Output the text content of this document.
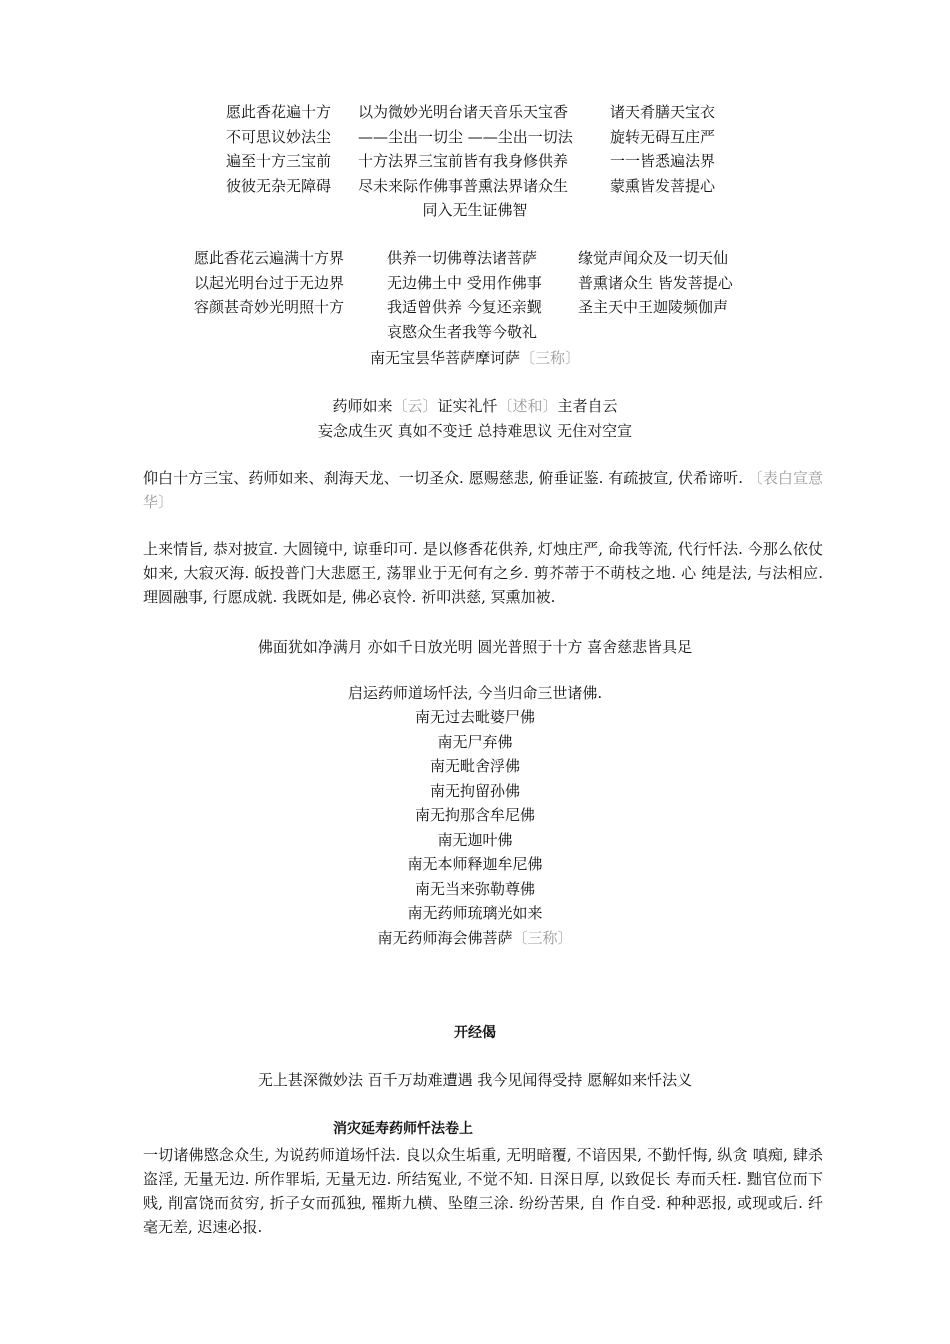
愿此香花遍十方
不可思议妙法尘
遍至十方三宝前
彼彼无杂无障碍
以为微妙光明台诸天音乐天宝香
——尘出一切尘 ——尘出一切法
十方法界三宝前皆有我身修供养
尽未来际作佛事普熏法界诸众生
诸天肴膳天宝衣
旋转无碍互庄严
一一皆悉遍法界
蒙熏皆发菩提心
同入无生证佛智
愿此香花云遍满十方界
以起光明台过于无边界
容颜甚奇妙光明照十方
供养一切佛尊法诸菩萨
无边佛土中 受用作佛事
我适曾供养 今复还亲觐
哀愍众生者我等今敬礼
缘觉声闻众及一切天仙
普熏诸众生 皆发菩提心
圣主天中王迦陵频伽声
南无宝昙华菩萨摩诃萨〔三称〕
药师如来〔云〕证实礼忏〔述和〕主者自云
妄念成生灭 真如不变迁 总持难思议 无住对空宣
仰白十方三宝、药师如来、刹海天龙、一切圣众. 愿赐慈悲, 俯垂证鉴. 有疏披宣, 伏希谛听. 〔表白宣意华〕
上来情旨, 恭对披宣. 大圆镜中, 谅垂印可. 是以修香花供养, 灯烛庄严, 命我等流, 代行忏法. 今那么依仗如来, 大寂灭海. 皈投普门大悲愿王, 荡罪业于无何有之乡. 剪芥蒂于不萌枝之地. 心 纯是法, 与法相应. 理圆融事, 行愿成就. 我既如是, 佛必哀怜. 祈叩洪慈, 冥熏加被.
佛面犹如净满月 亦如千日放光明 圆光普照于十方 喜舍慈悲皆具足
启运药师道场忏法, 今当归命三世诸佛.
南无过去毗婆尸佛
南无尸弃佛
南无毗舍浮佛
南无拘留孙佛
南无拘那含牟尼佛
南无迦叶佛
南无本师释迦牟尼佛
南无当来弥勒尊佛
南无药师琉璃光如来
南无药师海会佛菩萨〔三称〕
开经偈
无上甚深微妙法 百千万劫难遭遇 我今见闻得受持 愿解如来忏法义
消灾延寿药师忏法卷上
一切诸佛愍念众生, 为说药师道场忏法. 良以众生垢重, 无明暗覆, 不谙因果, 不勤忏悔, 纵贪 嗔痴, 肆杀盗淫, 无量无边. 所作罪垢, 无量无边. 所结冤业, 不觉不知. 日深日厚, 以致促长 寿而夭枉. 黜官位而下贱, 削富饶而贫穷, 折子女而孤独, 罹斯九横、坠堕三涂. 纷纷苦果, 自 作自受. 种种恶报, 或现或后. 纤毫无差, 迟速必报.
